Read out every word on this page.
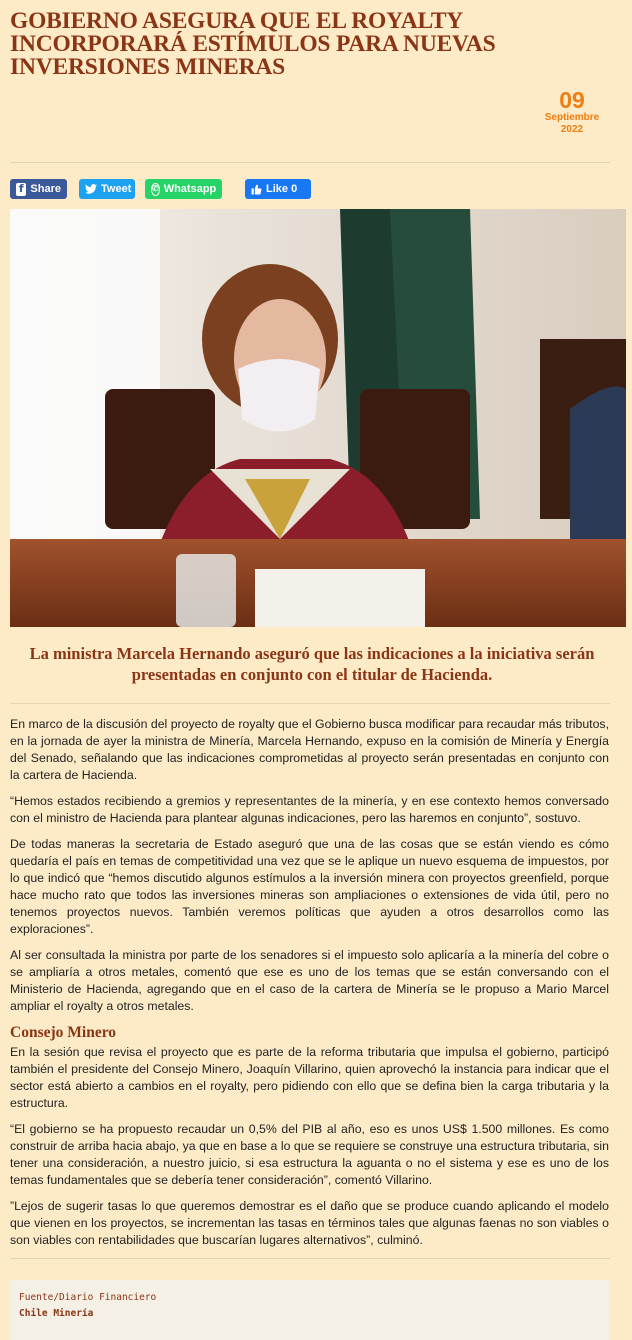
GOBIERNO ASEGURA QUE EL ROYALTY INCORPORARÁ ESTÍMULOS PARA NUEVAS INVERSIONES MINERAS
09
Septiembre
2022
f Share	Tweet	✆ Whatsapp	Like 0
La ministra Marcela Hernando aseguró que las indicaciones a la iniciativa serán presentadas en conjunto con el titular de Hacienda.

En marco de la discusión del proyecto de royalty que el Gobierno busca modificar para recaudar más tributos, en la jornada de ayer la ministra de Minería, Marcela Hernando, expuso en la comisión de Minería y Energía del Senado, señalando que las indicaciones comprometidas al proyecto serán presentadas en conjunto con la cartera de Hacienda.

“Hemos estados recibiendo a gremios y representantes de la minería, y en ese contexto hemos conversado con el ministro de Hacienda para plantear algunas indicaciones, pero las haremos en conjunto”, sostuvo.

De todas maneras la secretaria de Estado aseguró que una de las cosas que se están viendo es cómo quedaría el país en temas de competitividad una vez que se le aplique un nuevo esquema de impuestos, por lo que indicó que “hemos discutido algunos estímulos a la inversión minera con proyectos greenfield, porque hace mucho rato que todos las inversiones mineras son ampliaciones o extensiones de vida útil, pero no tenemos proyectos nuevos. También veremos políticas que ayuden a otros desarrollos como las exploraciones”.

Al ser consultada la ministra por parte de los senadores si el impuesto solo aplicaría a la minería del cobre o se ampliaría a otros metales, comentó que ese es uno de los temas que se están conversando con el Ministerio de Hacienda, agregando que en el caso de la cartera de Minería se le propuso a Mario Marcel ampliar el royalty a otros metales.

Consejo Minero

En la sesión que revisa el proyecto que es parte de la reforma tributaria que impulsa el gobierno, participó también el presidente del Consejo Minero, Joaquín Villarino, quien aprovechó la instancia para indicar que el sector está abierto a cambios en el royalty, pero pidiendo con ello que se defina bien la carga tributaria y la estructura.

“El gobierno se ha propuesto recaudar un 0,5% del PIB al año, eso es unos US$ 1.500 millones. Es como construir de arriba hacia abajo, ya que en base a lo que se requiere se construye una estructura tributaria, sin tener una consideración, a nuestro juicio, si esa estructura la aguanta o no el sistema y ese es uno de los temas fundamentales que se debería tener consideración”, comentó Villarino.

”Lejos de sugerir tasas lo que queremos demostrar es el daño que se produce cuando aplicando el modelo que vienen en los proyectos, se incrementan las tasas en términos tales que algunas faenas no son viables o son viables con rentabilidades que buscarían lugares alternativos”, culminó.

Fuente/Diario Financiero
Chile Minería
